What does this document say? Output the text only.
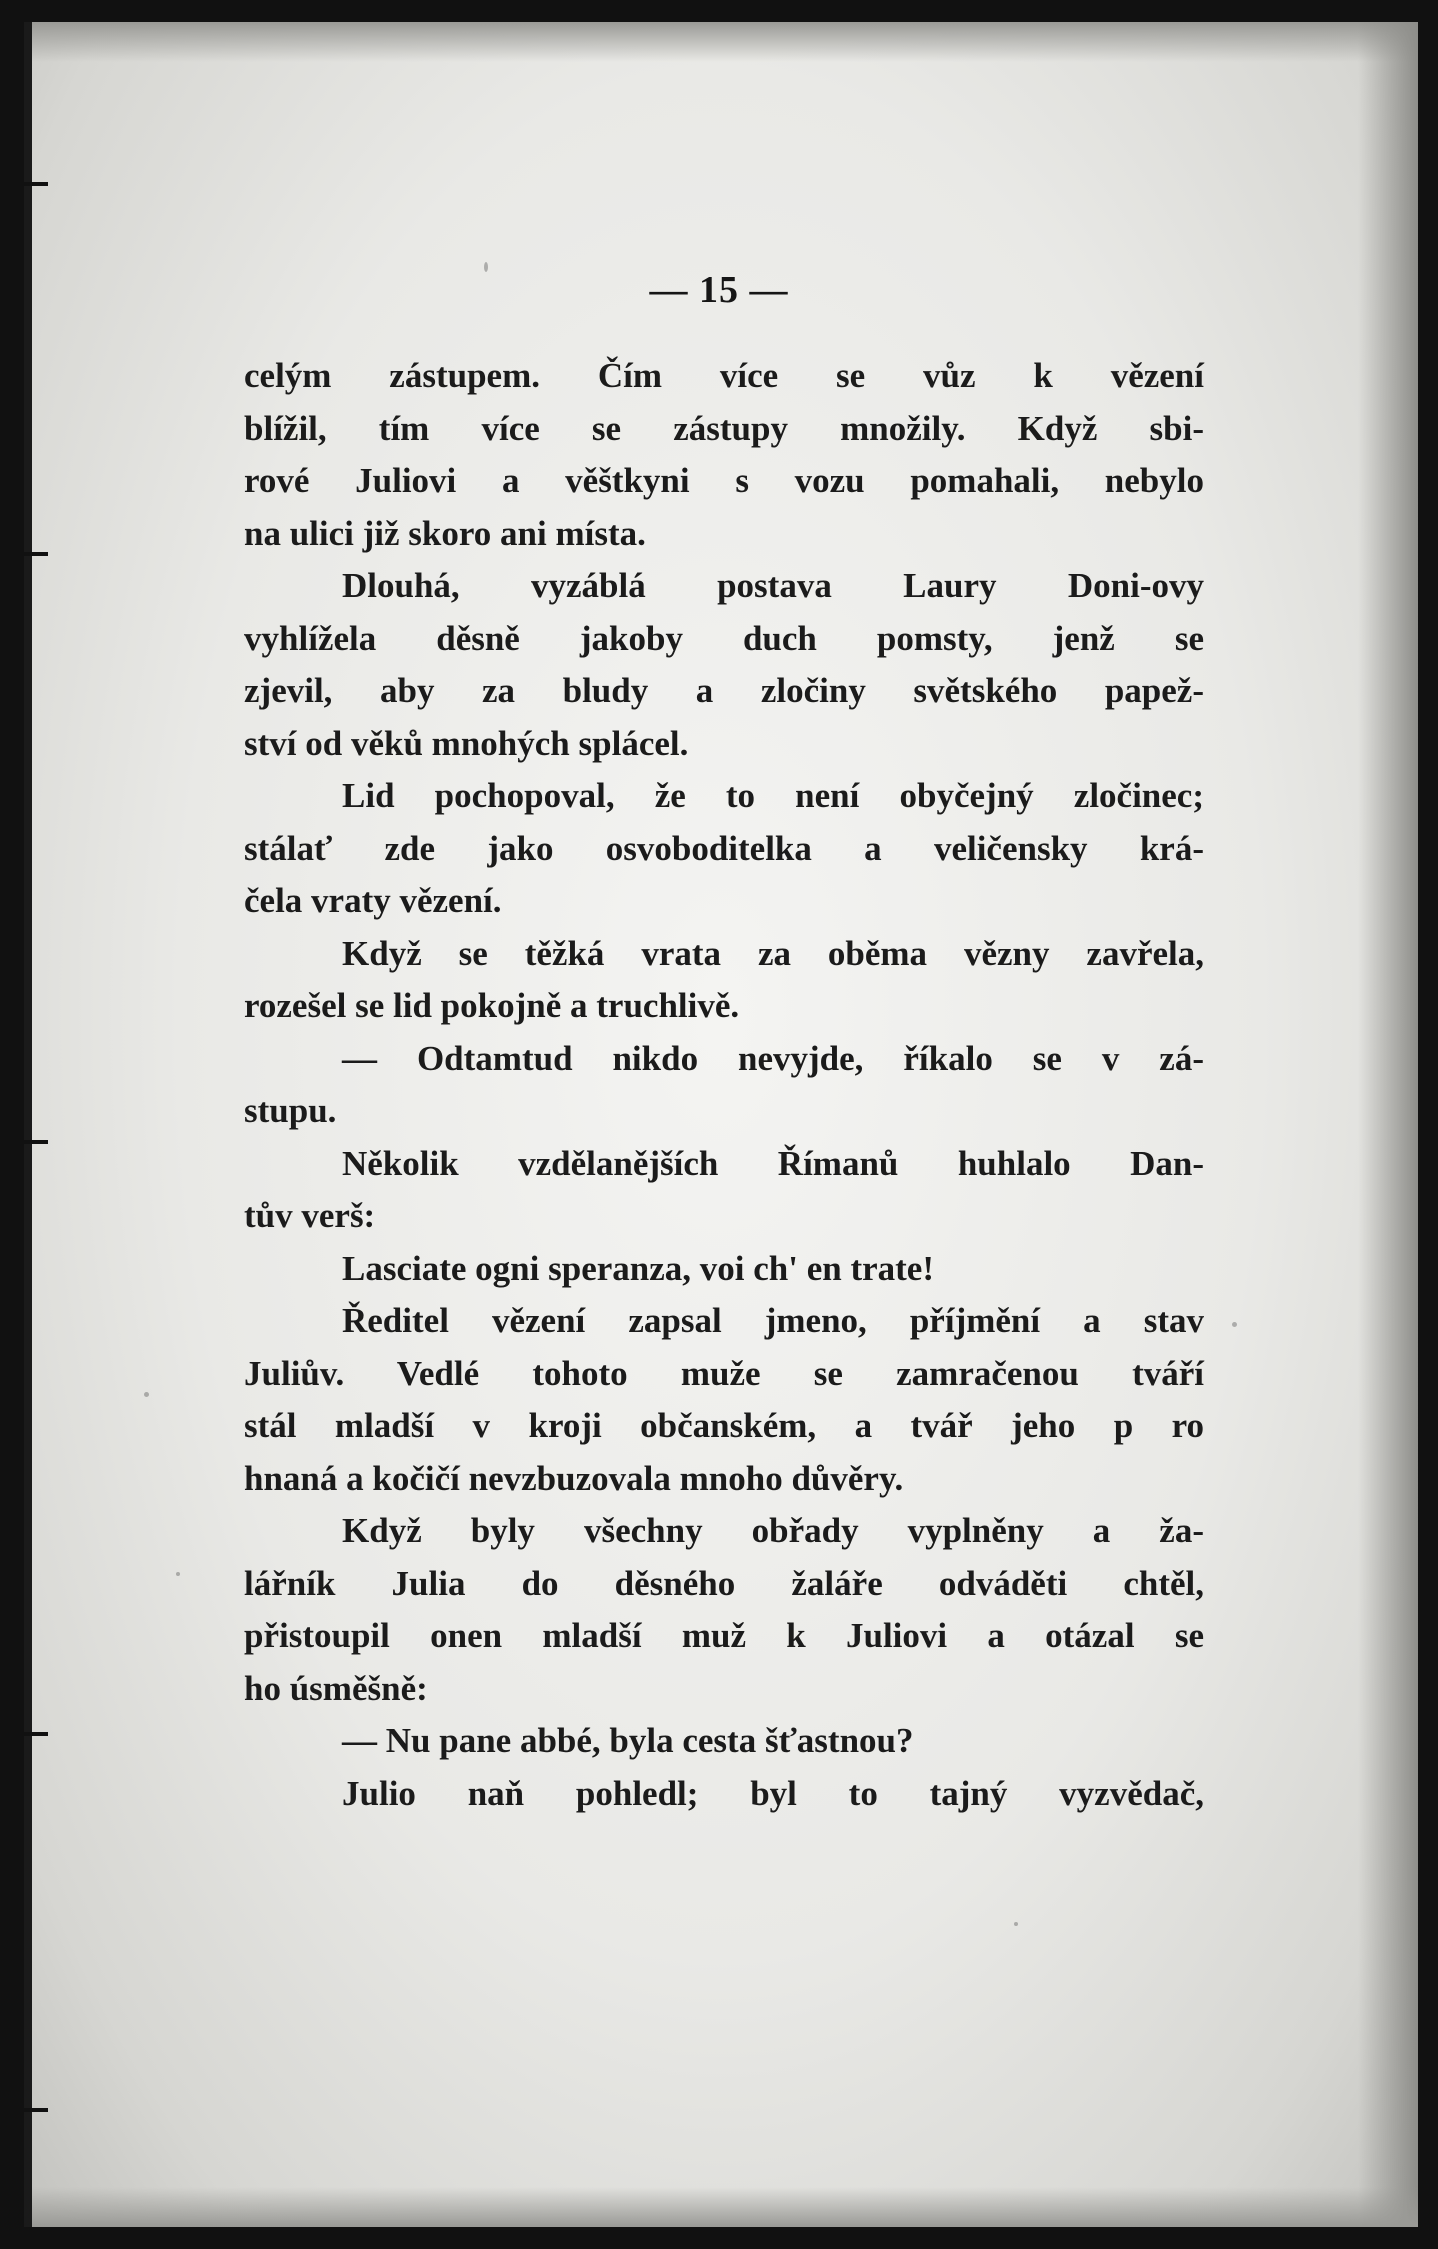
— 15 —
celým zástupem. Čím více se vůz k vězení
blížil, tím více se zástupy množily. Když sbi-
rové Juliovi a věštkyni s vozu pomahali, nebylo
na ulici již skoro ani místa.
Dlouhá, vyzáblá postava Laury Doni-ovy
vyhlížela děsně jakoby duch pomsty, jenž se
zjevil, aby za bludy a zločiny světského papež-
ství od věků mnohých splácel.
Lid pochopoval, že to není obyčejný zločinec;
stálať zde jako osvoboditelka a veličensky krá-
čela vraty vězení.
Když se těžká vrata za oběma vězny zavřela,
rozešel se lid pokojně a truchlivě.
— Odtamtud nikdo nevyjde, říkalo se v zá-
stupu.
Několik vzdělanějších Římanů huhlalo Dan-
tův verš:
Lasciate ogni speranza, voi ch' en trate!
Ředitel vězení zapsal jmeno, příjmění a stav
Juliův. Vedlé tohoto muže se zamračenou tváří
stál mladší v kroji občanském, a tvář jeho p ro
hnaná a kočičí nevzbuzovala mnoho důvěry.
Když byly všechny obřady vyplněny a ža-
lářník Julia do děsného žaláře odváděti chtěl,
přistoupil onen mladší muž k Juliovi a otázal se
ho úsměšně:
— Nu pane abbé, byla cesta šťastnou?
Julio naň pohledl; byl to tajný vyzvědač,
